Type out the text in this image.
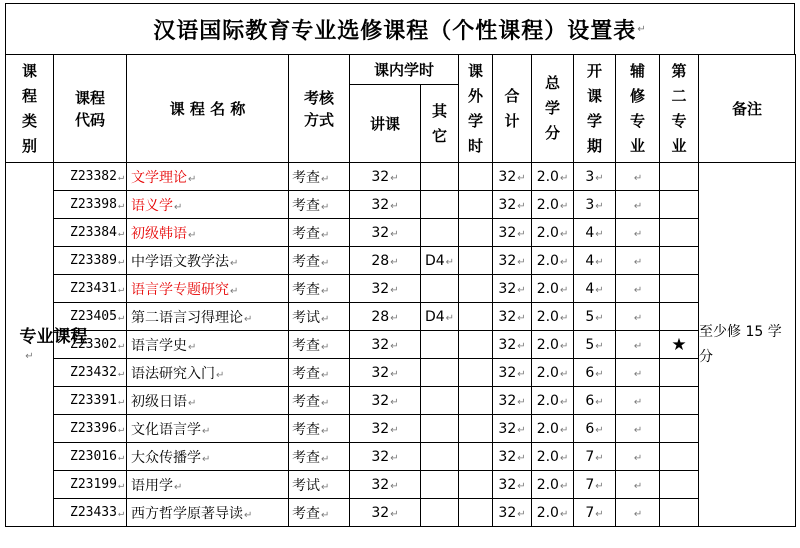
汉语国际教育专业选修课程（个性课程）设置表 ↵
课程类别	课程代码	课 程 名 称	考核方式	课内学时		课外学时	合计	总学分	开课学期	辅修专业	第二专业	备注
				讲课	其它							

专业课程
↵	Z23382↵	文学理论↵	考查↵	32↵			32↵	2.0↵	3↵	↵		至少修 15 学分
	Z23398↵	语义学↵	考查↵	32↵			32↵	2.0↵	3↵	↵		
	Z23384↵	初级韩语↵	考查↵	32↵			32↵	2.0↵	4↵	↵		
	Z23389↵	中学语文教学法↵	考查↵	28↵	D4↵		32↵	2.0↵	4↵	↵		
	Z23431↵	语言学专题研究↵	考查↵	32↵			32↵	2.0↵	4↵	↵		
	Z23405↵	第二语言习得理论↵	考试↵	28↵	D4↵		32↵	2.0↵	5↵	↵		
	Z23302↵	语言学史↵	考查↵	32↵			32↵	2.0↵	5↵	↵	★	
	Z23432↵	语法研究入门↵	考查↵	32↵			32↵	2.0↵	6↵	↵		
	Z23391↵	初级日语↵	考查↵	32↵			32↵	2.0↵	6↵	↵		
	Z23396↵	文化语言学↵	考查↵	32↵			32↵	2.0↵	6↵	↵		
	Z23016↵	大众传播学↵	考查↵	32↵			32↵	2.0↵	7↵	↵		
	Z23199↵	语用学↵	考试↵	32↵			32↵	2.0↵	7↵	↵		
	Z23433↵	西方哲学原著导读↵	考查↵	32↵			32↵	2.0↵	7↵	↵		
